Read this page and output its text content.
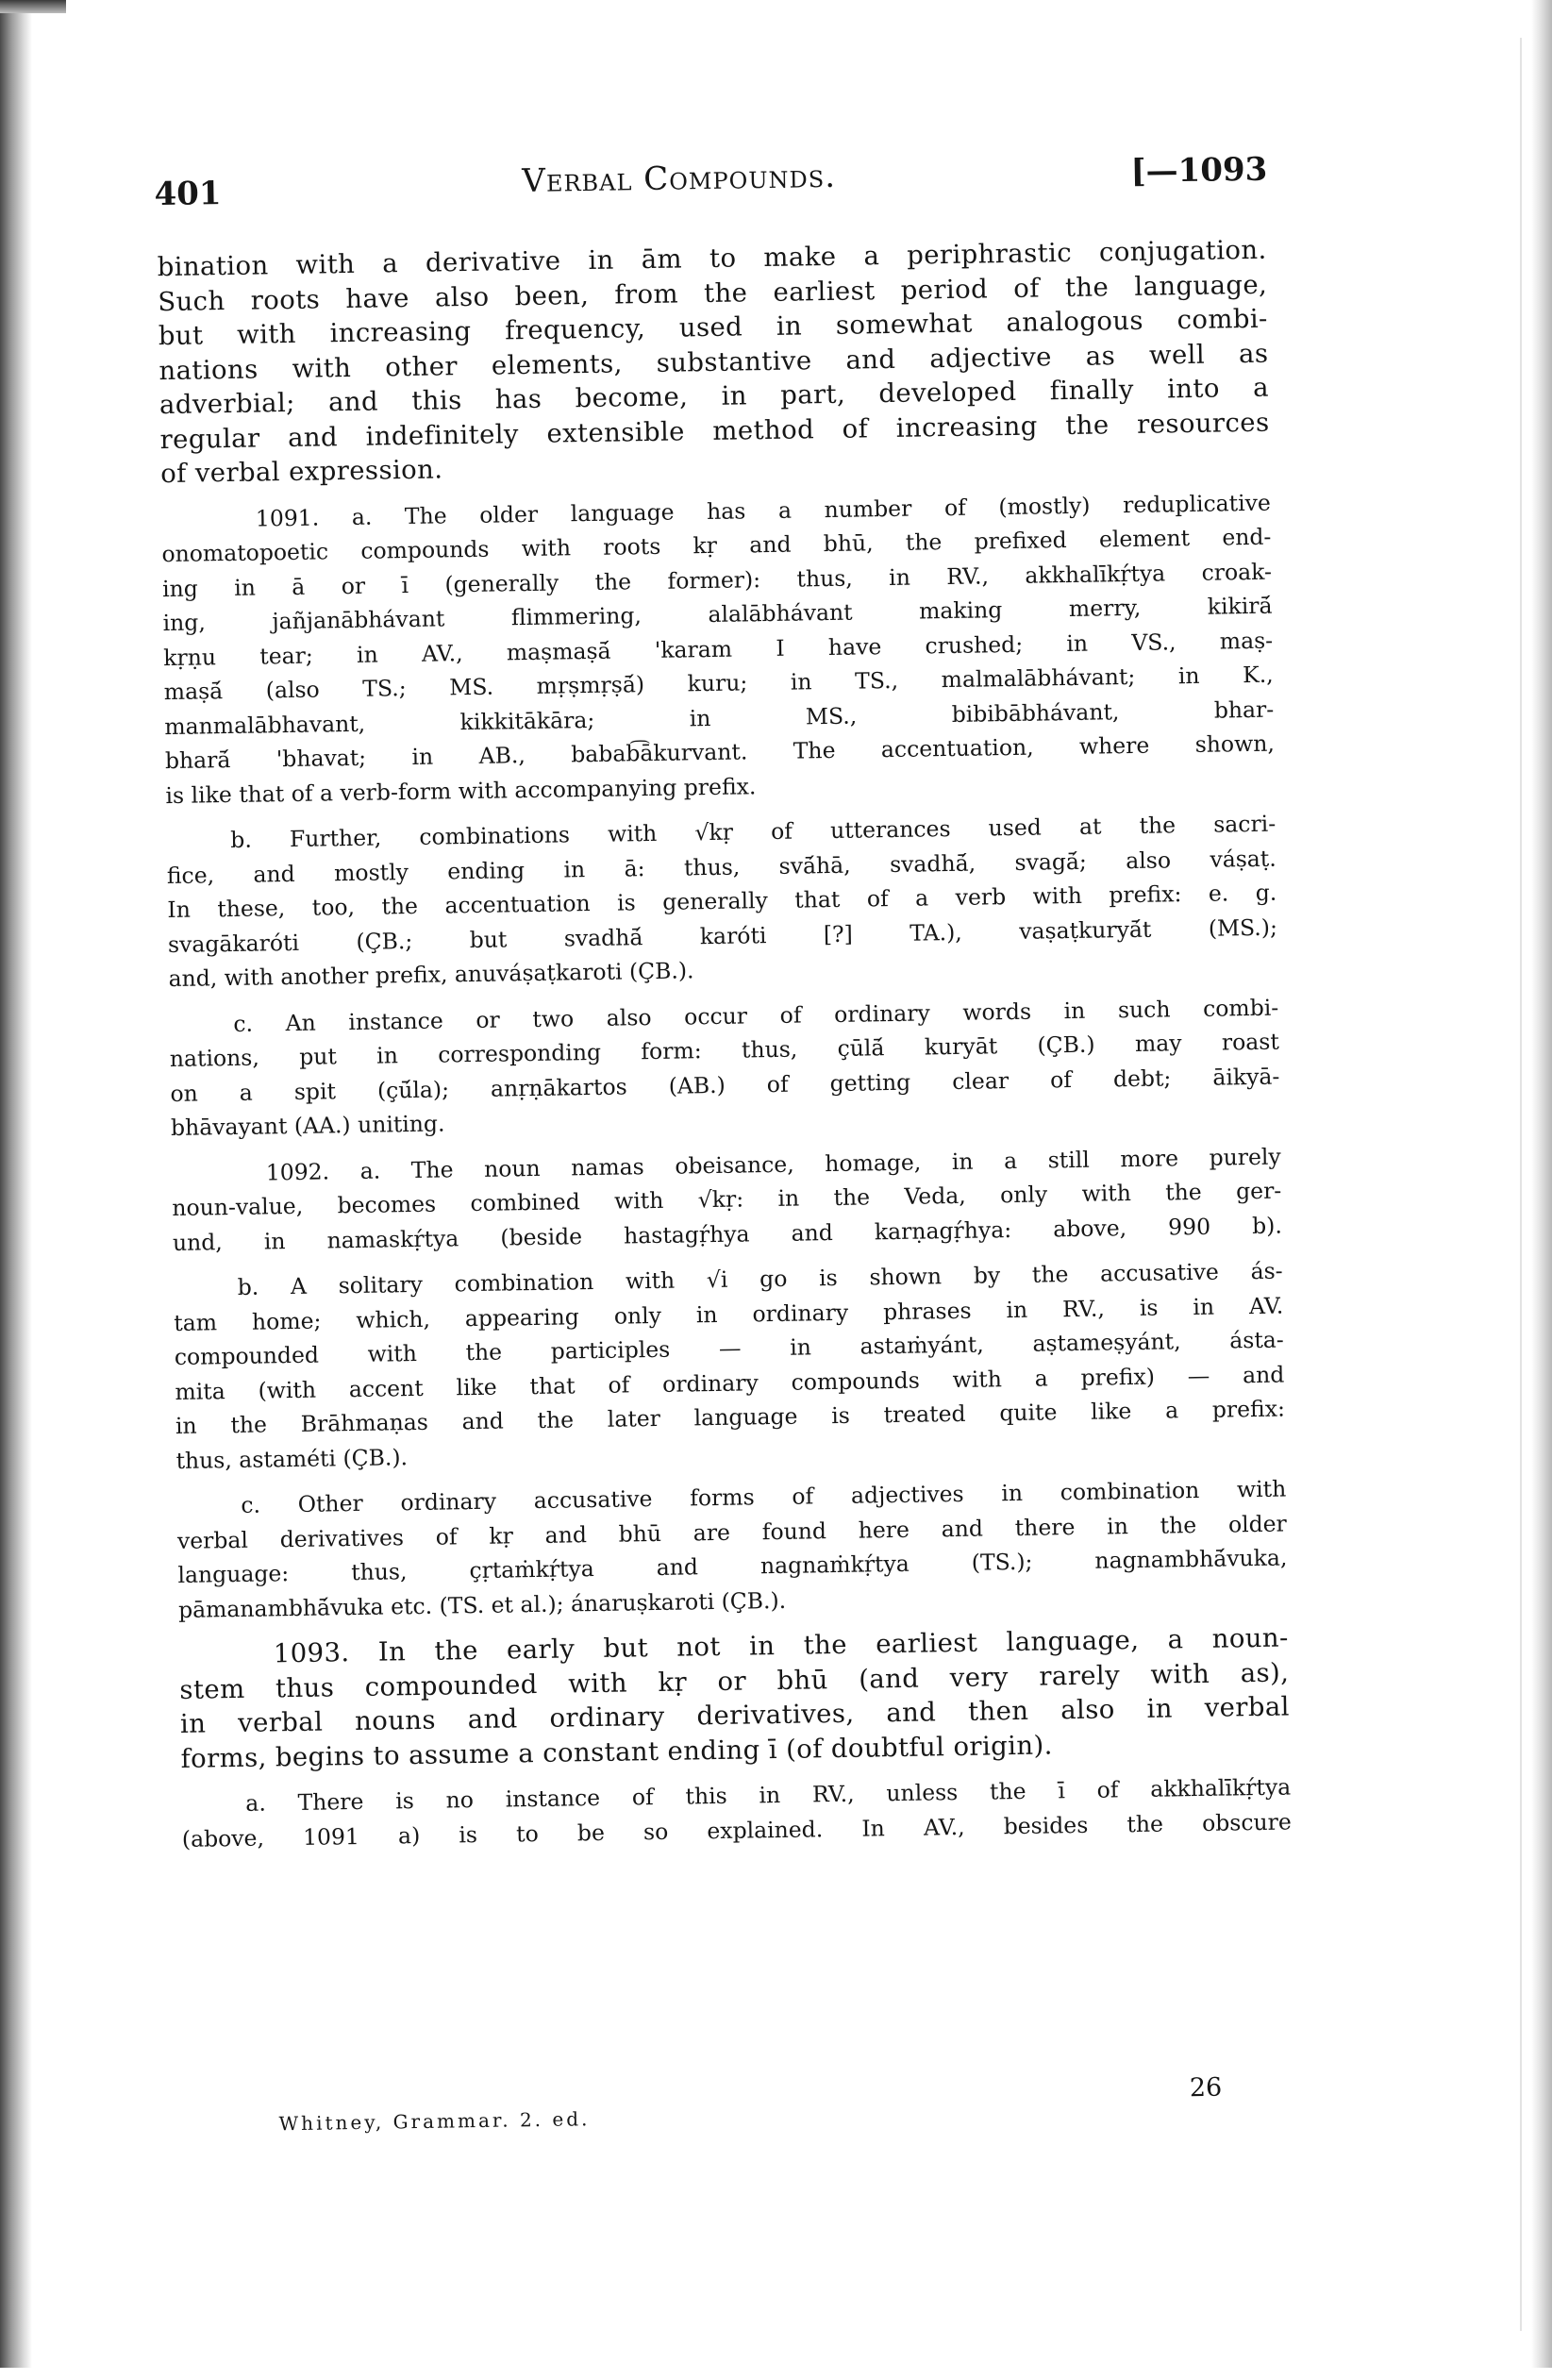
401	Verbal Compounds.	[—1093
bination with a derivative in ām to make a periphrastic conjugation.
Such roots have also been, from the earliest period of the language,
but with increasing frequency, used in somewhat analogous combi-
nations with other elements, substantive and adjective as well as
adverbial; and this has become, in part, developed finally into a
regular and indefinitely extensible method of increasing the resources
of verbal expression.
1091. a. The older language has a number of (mostly) reduplicative
onomatopoetic compounds with roots kṛ and bhū, the prefixed element end-
ing in ā or ī (generally the former): thus, in RV., akkhalīkṛ́tya croak-
ing, jañjanābhávant flimmering, alalābhávant making merry, kikirā́
kṛṇu tear; in AV., maṣmaṣā́ 'karam I have crushed; in VS., maṣ-
maṣā́ (also TS.; MS. mṛṣmṛṣā́) kuru; in TS., malmalābhávant; in K.,
manmalābhavant, kikkitākāra; in MS., bibibābhávant, bhar-
bharā́ 'bhavat; in AB., babab͡ākurvant. The accentuation, where shown,
is like that of a verb-form with accompanying prefix.
b. Further, combinations with √kṛ of utterances used at the sacri-
fice, and mostly ending in ā: thus, svā́hā, svadhā́, svagā́; also váṣaṭ.
In these, too, the accentuation is generally that of a verb with prefix: e. g.
svagākaróti (ÇB.; but svadhā́ karóti [?] TA.), vaṣaṭkuryā́t (MS.);
and, with another prefix, anuváṣaṭkaroti (ÇB.).
c. An instance or two also occur of ordinary words in such combi-
nations, put in corresponding form: thus, çūlā́ kuryāt (ÇB.) may roast
on a spit (çū́la); anṛṇākartos (AB.) of getting clear of debt; āikyā-
bhāvayant (AA.) uniting.
1092. a. The noun namas obeisance, homage, in a still more purely
noun-value, becomes combined with √kṛ: in the Veda, only with the ger-
und, in namaskṛ́tya (beside hastagṛ́hya and karṇagṛ́hya: above, 990 b).
b. A solitary combination with √i go is shown by the accusative ás-
tam home; which, appearing only in ordinary phrases in RV., is in AV.
compounded with the participles — in astaṁyánt, aṣtameṣyánt, ásta-
mita (with accent like that of ordinary compounds with a prefix) — and
in the Brāhmaṇas and the later language is treated quite like a prefix:
thus, astaméti (ÇB.).
c. Other ordinary accusative forms of adjectives in combination with
verbal derivatives of kṛ and bhū are found here and there in the older
language: thus, çṛtaṁkṛ́tya and nagnaṁkṛ́tya (TS.); nagnambhā́vuka,
pāmanambhā́vuka etc. (TS. et al.); ánaruṣkaroti (ÇB.).
1093. In the early but not in the earliest language, a noun-
stem thus compounded with kṛ or bhū (and very rarely with as),
in verbal nouns and ordinary derivatives, and then also in verbal
forms, begins to assume a constant ending ī (of doubtful origin).
a. There is no instance of this in RV., unless the ī of akkhalīkṛ́tya
(above, 1091 a) is to be so explained. In AV., besides the obscure
Whitney, Grammar. 2. ed.
26
